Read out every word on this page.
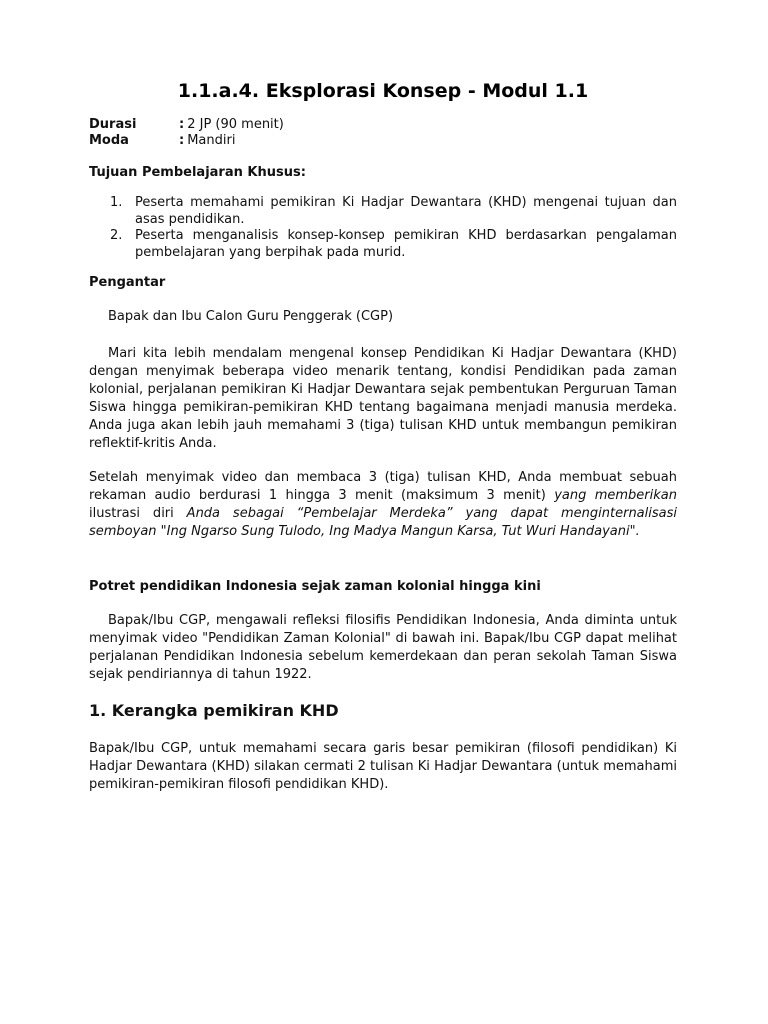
1.1.a.4. Eksplorasi Konsep - Modul 1.1
Durasi	: 2 JP (90 menit)
Moda	: Mandiri
Tujuan Pembelajaran Khusus:
1. Peserta memahami pemikiran Ki Hadjar Dewantara (KHD) mengenai tujuan dan asas pendidikan.
2. Peserta menganalisis konsep-konsep pemikiran KHD berdasarkan pengalaman pembelajaran yang berpihak pada murid.
Pengantar
Bapak dan Ibu Calon Guru Penggerak (CGP)
Mari kita lebih mendalam mengenal konsep Pendidikan Ki Hadjar Dewantara (KHD) dengan menyimak beberapa video menarik tentang, kondisi Pendidikan pada zaman kolonial, perjalanan pemikiran Ki Hadjar Dewantara sejak pembentukan Perguruan Taman Siswa hingga pemikiran-pemikiran KHD tentang bagaimana menjadi manusia merdeka. Anda juga akan lebih jauh memahami 3 (tiga) tulisan KHD untuk membangun pemikiran reflektif-kritis Anda.
Setelah menyimak video dan membaca 3 (tiga) tulisan KHD, Anda membuat sebuah rekaman audio berdurasi 1 hingga 3 menit (maksimum 3 menit) yang memberikan ilustrasi diri Anda sebagai “Pembelajar Merdeka” yang dapat menginternalisasi semboyan "Ing Ngarso Sung Tulodo, Ing Madya Mangun Karsa, Tut Wuri Handayani".
Potret pendidikan Indonesia sejak zaman kolonial hingga kini
Bapak/Ibu CGP, mengawali refleksi filosifis Pendidikan Indonesia, Anda diminta untuk menyimak video "Pendidikan Zaman Kolonial" di bawah ini. Bapak/Ibu CGP dapat melihat perjalanan Pendidikan Indonesia sebelum kemerdekaan dan peran sekolah Taman Siswa sejak pendiriannya di tahun 1922.
1. Kerangka pemikiran KHD
Bapak/Ibu CGP, untuk memahami secara garis besar pemikiran (filosofi pendidikan) Ki Hadjar Dewantara (KHD) silakan cermati 2 tulisan Ki Hadjar Dewantara (untuk memahami pemikiran-pemikiran filosofi pendidikan KHD).
